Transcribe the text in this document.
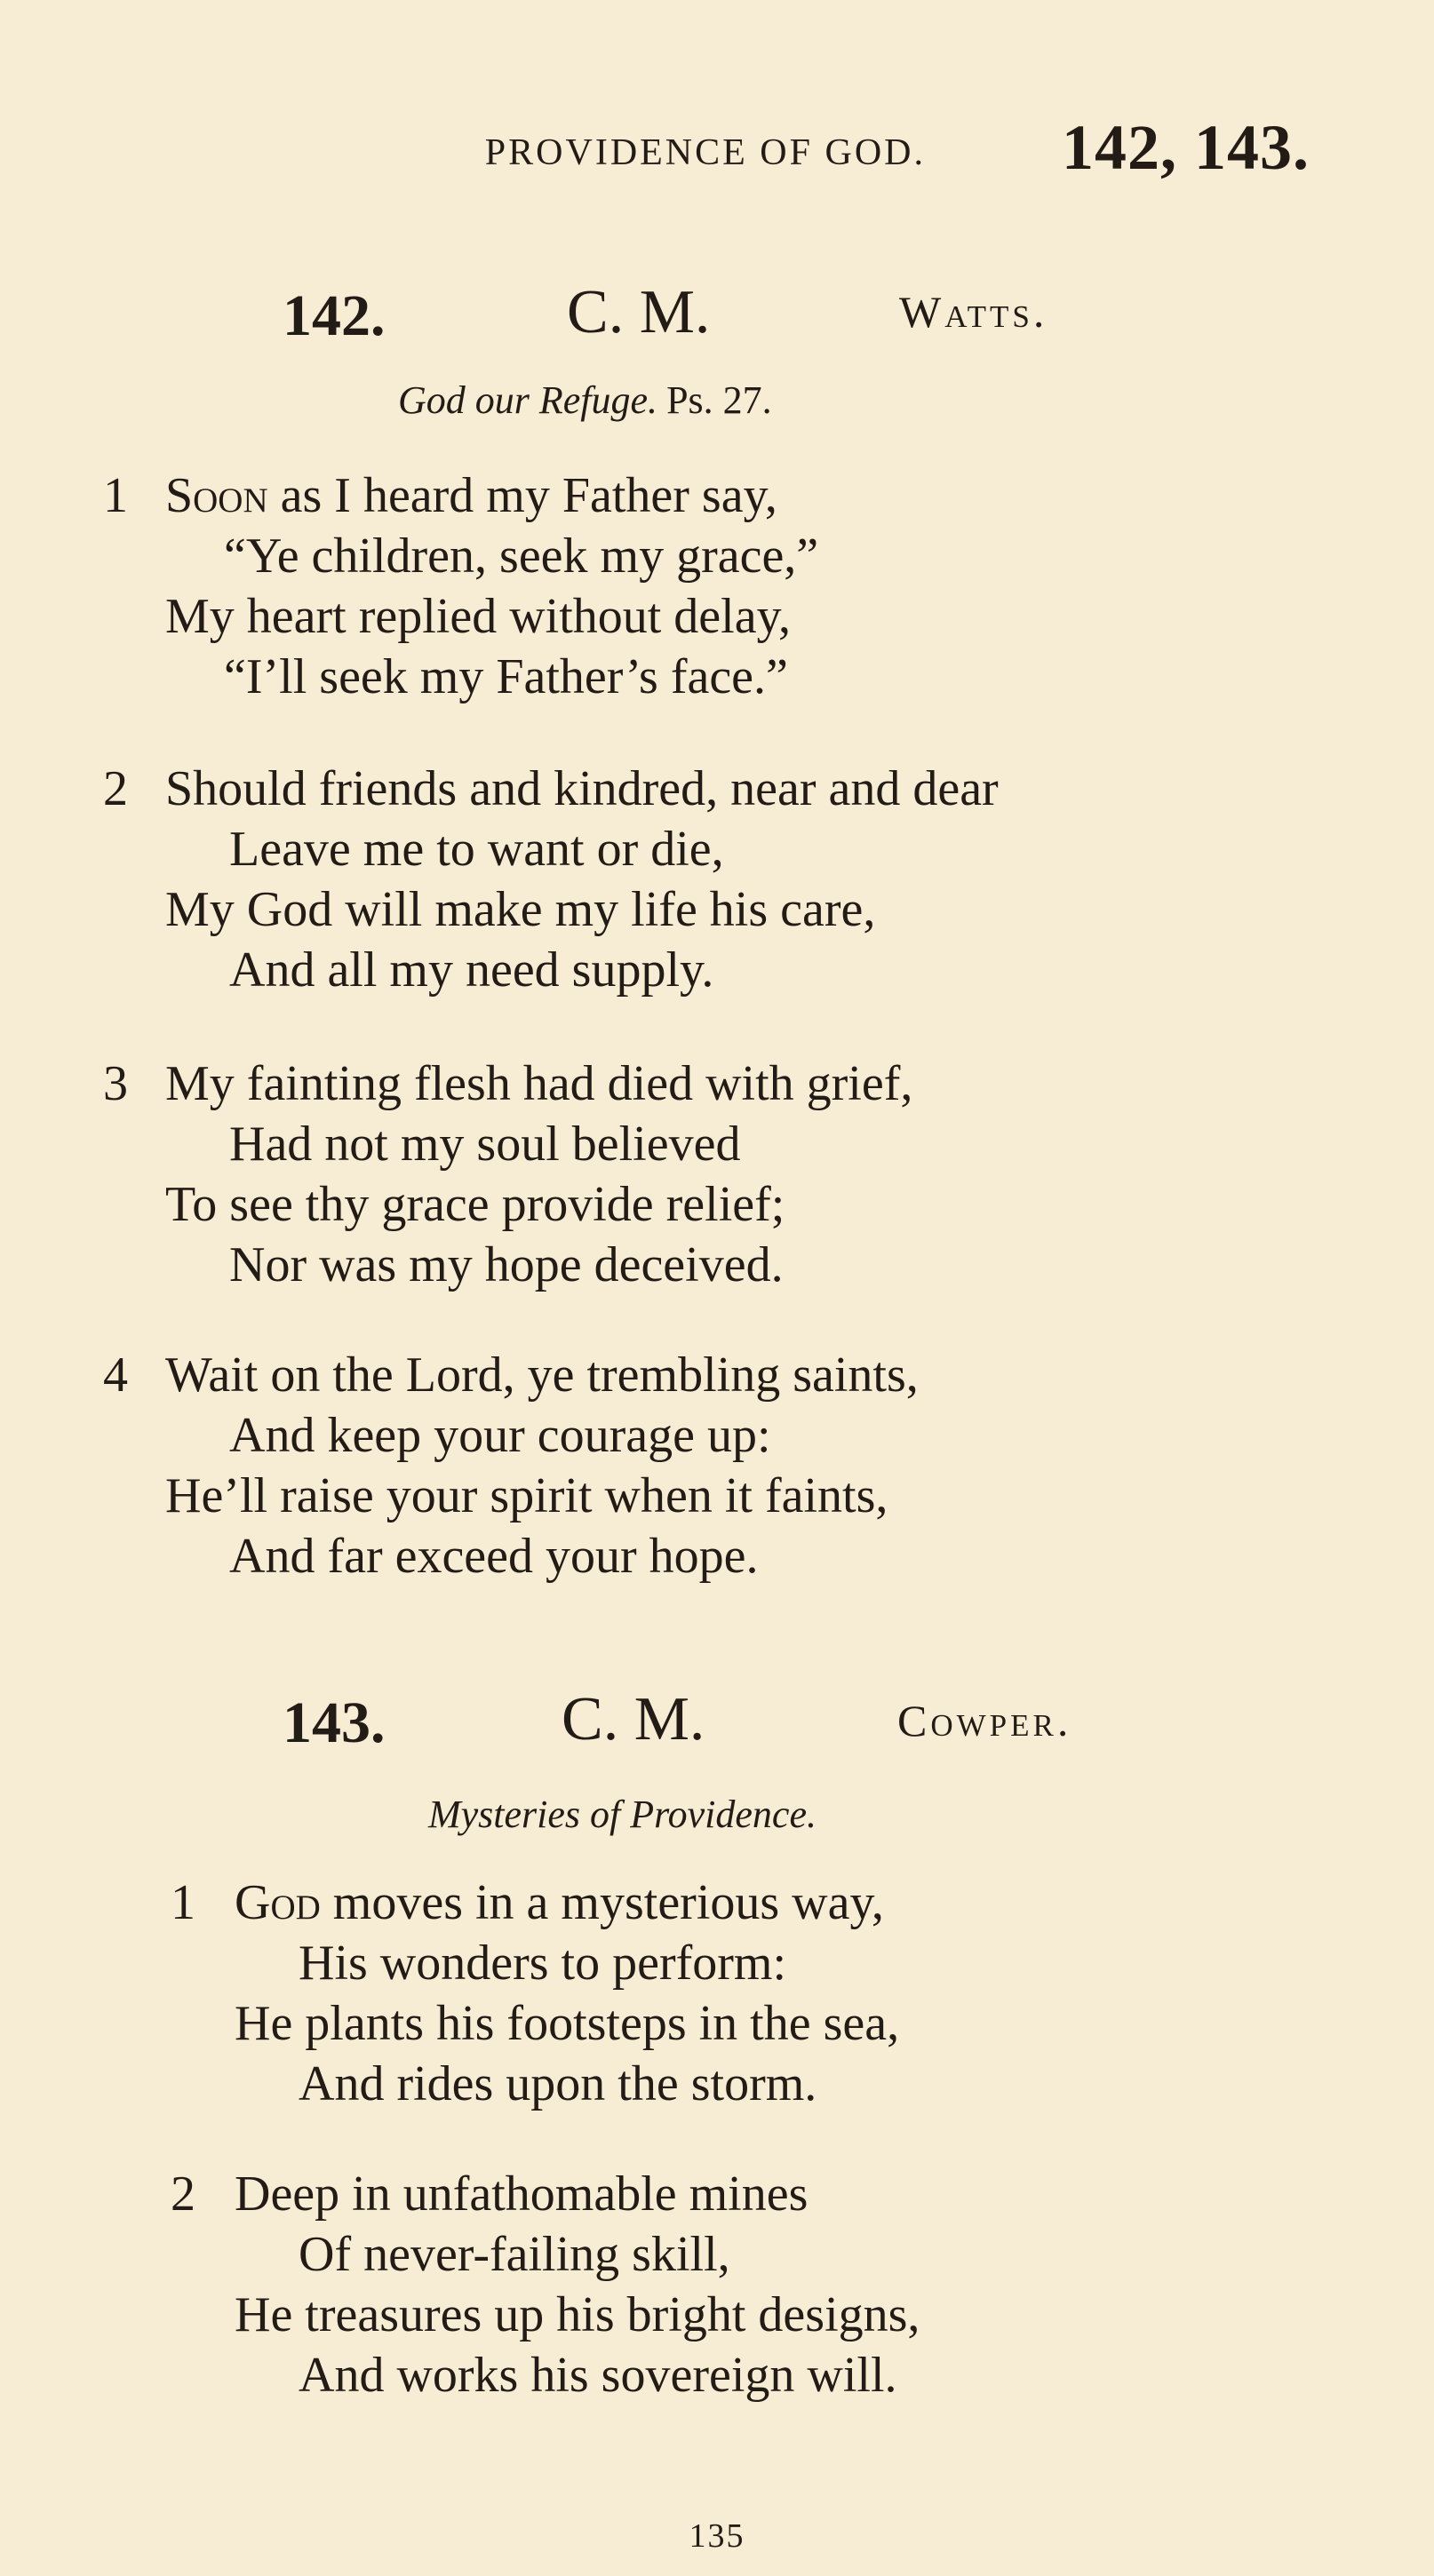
PROVIDENCE OF GOD. 142, 143.
142.	C. M.	Watts.
God our Refuge. Ps. 27.
1 Soon as I heard my Father say,
“Ye children, seek my grace,”
My heart replied without delay,
“I’ll seek my Father’s face.”
2 Should friends and kindred, near and dear
Leave me to want or die,
My God will make my life his care,
And all my need supply.
3 My fainting flesh had died with grief,
Had not my soul believed
To see thy grace provide relief;
Nor was my hope deceived.
4 Wait on the Lord, ye trembling saints,
And keep your courage up:
He’ll raise your spirit when it faints,
And far exceed your hope.
143.	C. M.	Cowper.
Mysteries of Providence.
1 God moves in a mysterious way,
His wonders to perform:
He plants his footsteps in the sea,
And rides upon the storm.
2 Deep in unfathomable mines
Of never-failing skill,
He treasures up his bright designs,
And works his sovereign will.
135
